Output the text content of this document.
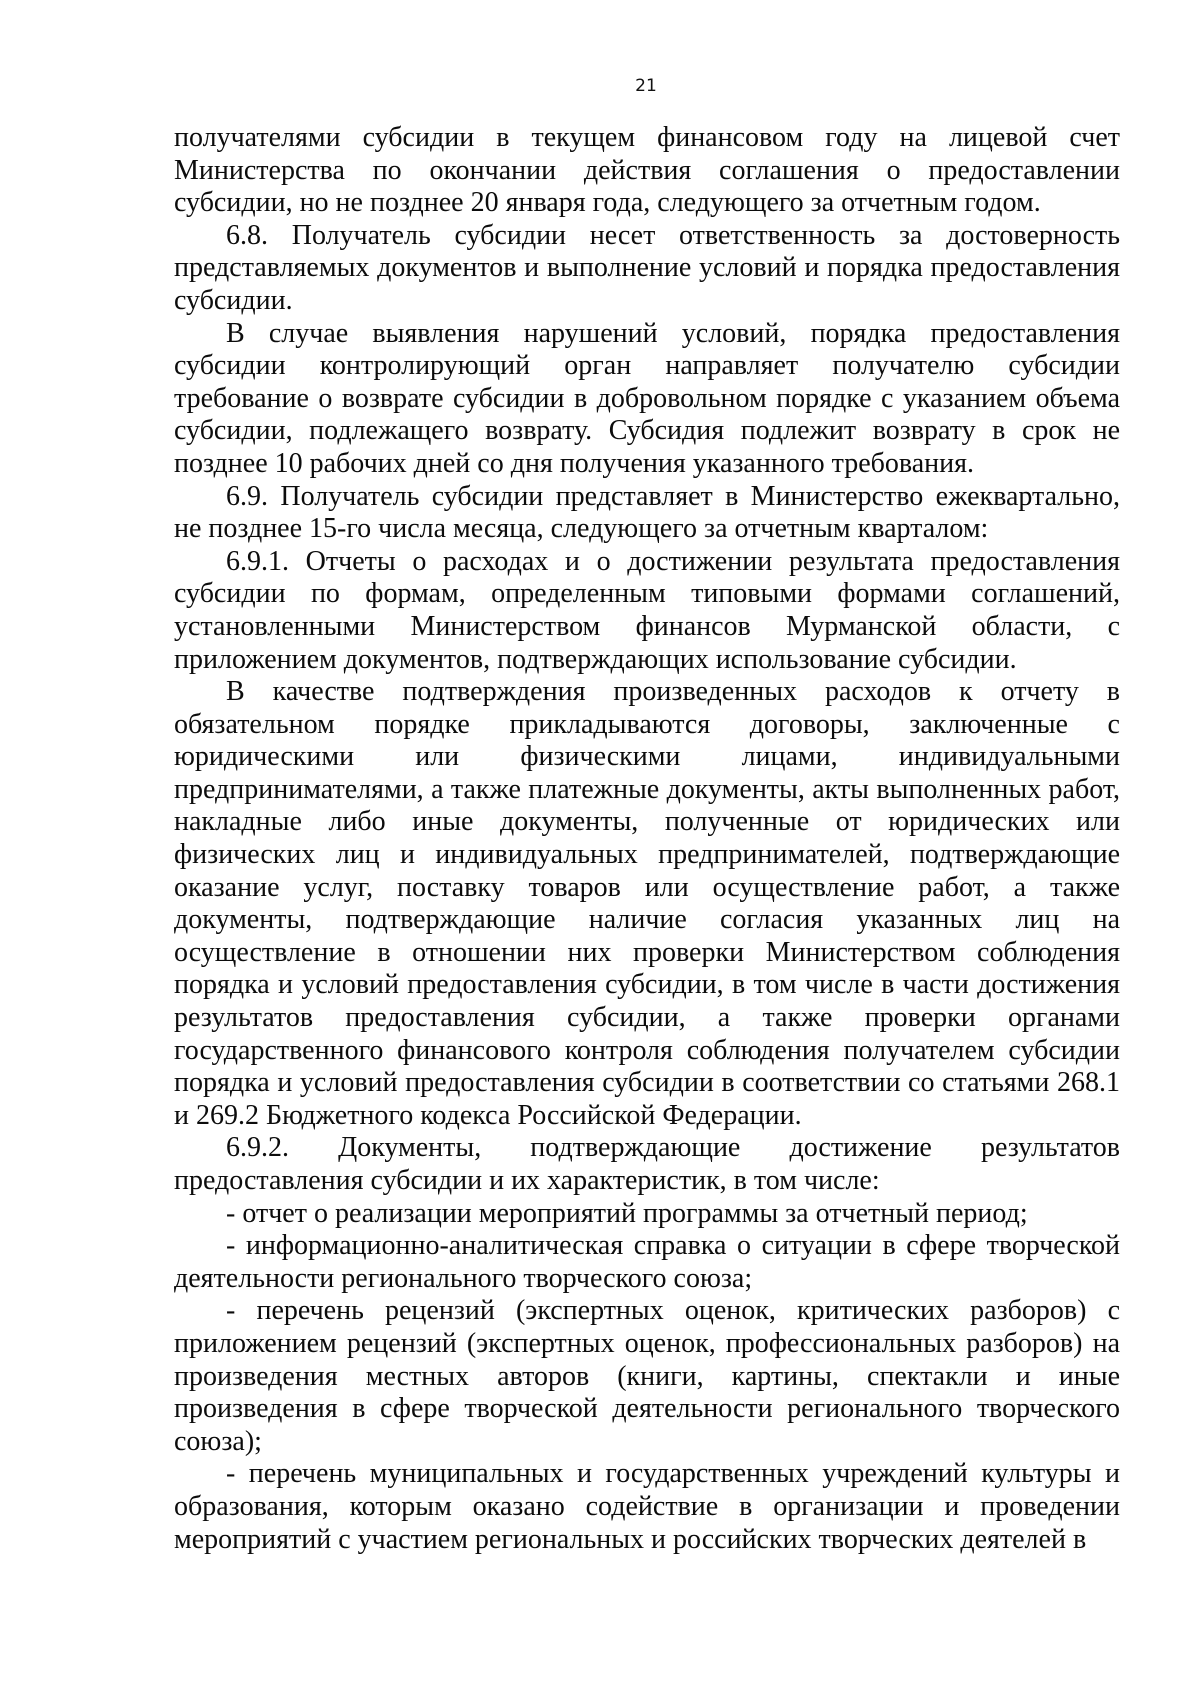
21

получателями субсидии в текущем финансовом году на лицевой счет Министерства по окончании действия соглашения о предоставлении субсидии, но не позднее 20 января года, следующего за отчетным годом.

6.8. Получатель субсидии несет ответственность за достоверность представляемых документов и выполнение условий и порядка предоставления субсидии.

В случае выявления нарушений условий, порядка предоставления субсидии контролирующий орган направляет получателю субсидии требование о возврате субсидии в добровольном порядке с указанием объема субсидии, подлежащего возврату. Субсидия подлежит возврату в срок не позднее 10 рабочих дней со дня получения указанного требования.

6.9. Получатель субсидии представляет в Министерство ежеквартально, не позднее 15-го числа месяца, следующего за отчетным кварталом:

6.9.1. Отчеты о расходах и о достижении результата предоставления субсидии по формам, определенным типовыми формами соглашений, установленными Министерством финансов Мурманской области, с приложением документов, подтверждающих использование субсидии.

В качестве подтверждения произведенных расходов к отчету в обязательном порядке прикладываются договоры, заключенные с юридическими или физическими лицами, индивидуальными предпринимателями, а также платежные документы, акты выполненных работ, накладные либо иные документы, полученные от юридических или физических лиц и индивидуальных предпринимателей, подтверждающие оказание услуг, поставку товаров или осуществление работ, а также документы, подтверждающие наличие согласия указанных лиц на осуществление в отношении них проверки Министерством соблюдения порядка и условий предоставления субсидии, в том числе в части достижения результатов предоставления субсидии, а также проверки органами государственного финансового контроля соблюдения получателем субсидии порядка и условий предоставления субсидии в соответствии со статьями 268.1 и 269.2 Бюджетного кодекса Российской Федерации.

6.9.2. Документы, подтверждающие достижение результатов предоставления субсидии и их характеристик, в том числе:

- отчет о реализации мероприятий программы за отчетный период;

- информационно-аналитическая справка о ситуации в сфере творческой деятельности регионального творческого союза;

- перечень рецензий (экспертных оценок, критических разборов) с приложением рецензий (экспертных оценок, профессиональных разборов) на произведения местных авторов (книги, картины, спектакли и иные произведения в сфере творческой деятельности регионального творческого союза);

- перечень муниципальных и государственных учреждений культуры и образования, которым оказано содействие в организации и проведении мероприятий с участием региональных и российских творческих деятелей в
